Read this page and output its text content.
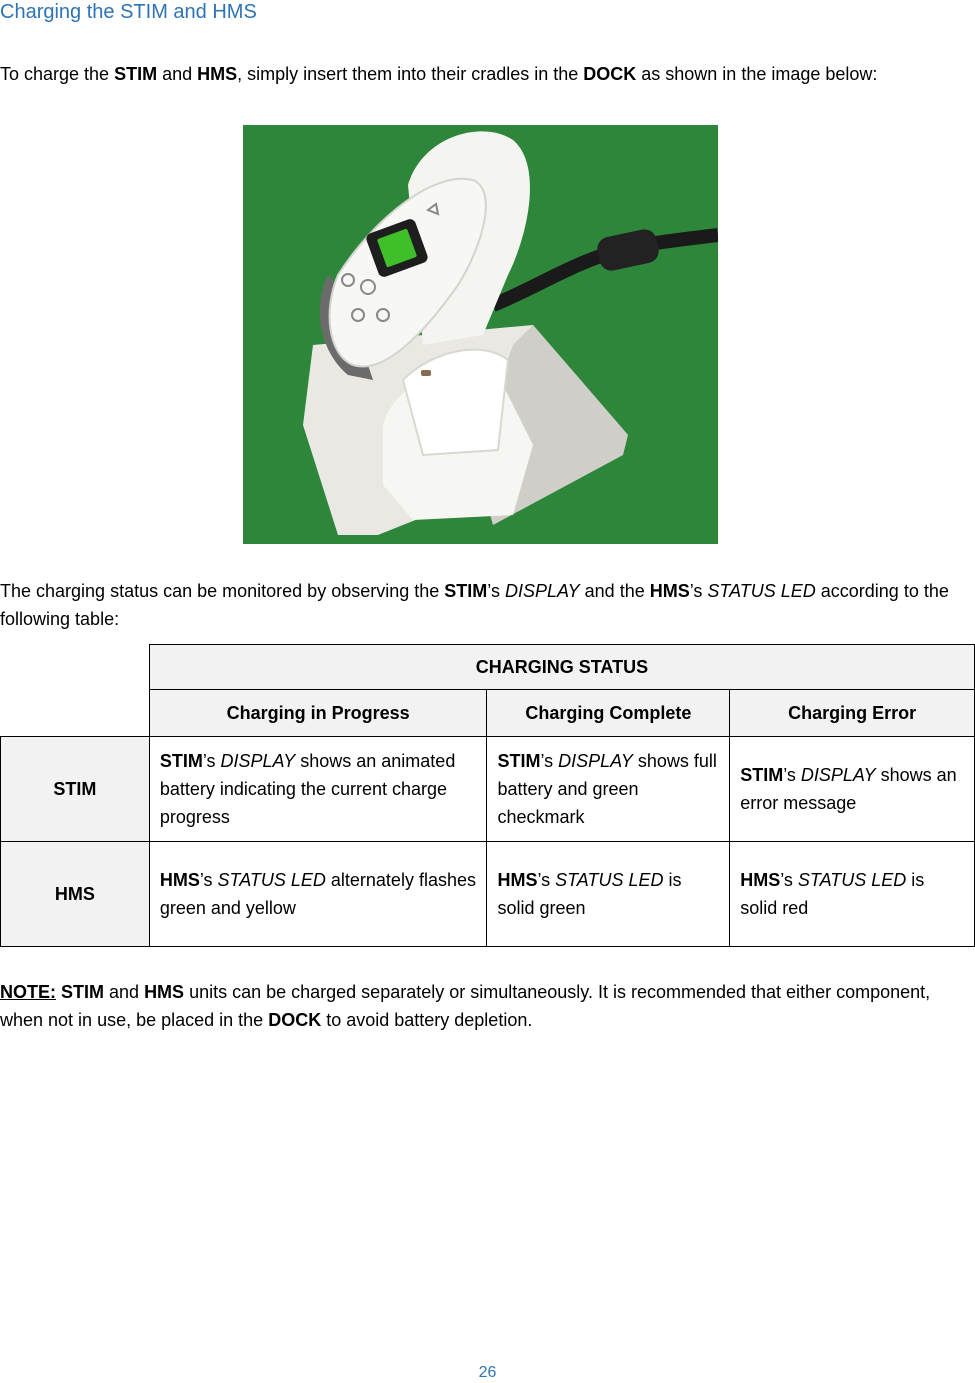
Charging the STIM and HMS

To charge the STIM and HMS, simply insert them into their cradles in the DOCK as shown in the image below:

The charging status can be monitored by observing the STIM’s DISPLAY and the HMS’s STATUS LED according to the following table:

	CHARGING STATUS		
	Charging in Progress	Charging Complete	Charging Error
STIM	STIM’s DISPLAY shows an animated battery indicating the current charge progress	STIM’s DISPLAY shows full battery and green checkmark	STIM’s DISPLAY shows an error message
HMS	HMS’s STATUS LED alternately flashes green and yellow	HMS’s STATUS LED is solid green	HMS’s STATUS LED is solid red

NOTE: STIM and HMS units can be charged separately or simultaneously. It is recommended that either component, when not in use, be placed in the DOCK to avoid battery depletion.

26
